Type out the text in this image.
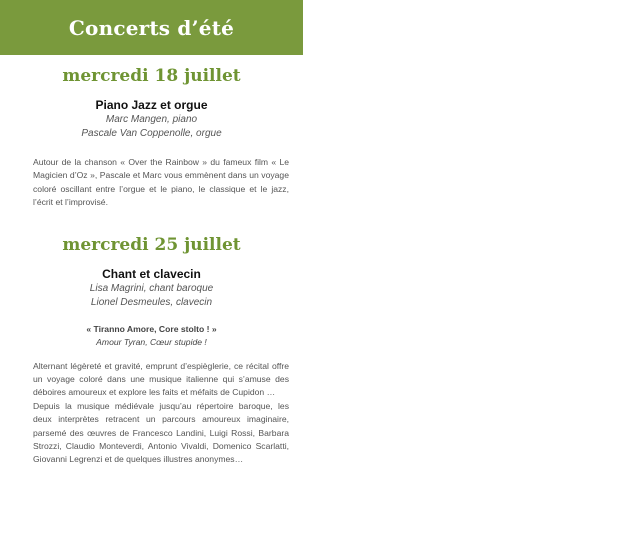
Concerts d’été
mercredi 18 juillet
Piano Jazz et orgue
Marc Mangen, piano
Pascale Van Coppenolle, orgue
Autour de la chanson « Over the Rainbow » du fameux film « Le Magicien d’Oz », Pascale et Marc vous emmènent dans un voyage coloré oscillant entre l’orgue et le piano, le classique et le jazz, l’écrit et l’improvisé.
mercredi 25 juillet
Chant et clavecin
Lisa Magrini, chant baroque
Lionel Desmeules, clavecin
« Tiranno Amore, Core stolto ! »
Amour Tyran, Cœur stupide !
Alternant légèreté et gravité, emprunt d’espièglerie, ce récital offre un voyage coloré dans une musique italienne qui s’amuse des déboires amoureux et explore les faits et méfaits de Cupidon …
Depuis la musique médiévale jusqu’au répertoire baroque, les deux interprètes retracent un parcours amoureux imaginaire, parsemé des œuvres de Francesco Landini, Luigi Rossi, Barbara Strozzi, Claudio Monteverdi, Antonio Vivaldi, Domenico Scarlatti, Giovanni Legrenzi et de quelques illustres anonymes…
